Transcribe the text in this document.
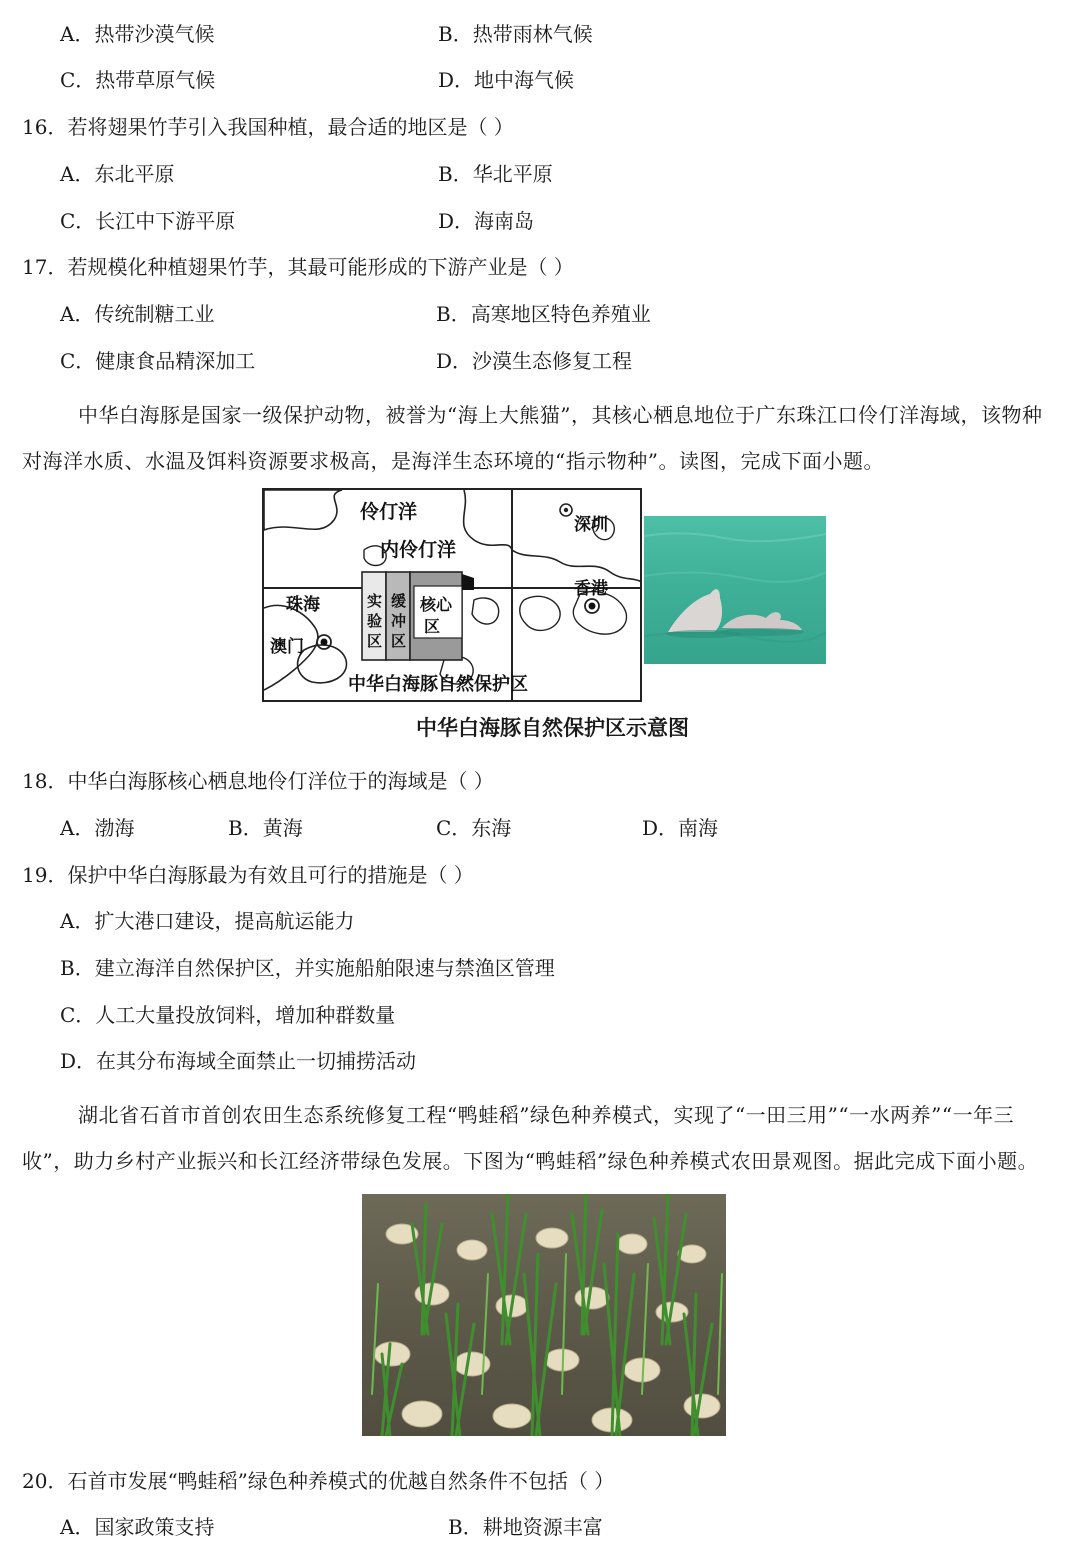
A．热带沙漠气候	B．热带雨林气候
C．热带草原气候	D．地中海气候
16．若将翅果竹芋引入我国种植，最合适的地区是（ ）
A．东北平原	B．华北平原
C．长江中下游平原	D．海南岛
17．若规模化种植翅果竹芋，其最可能形成的下游产业是（ ）
A．传统制糖工业	B．高寒地区特色养殖业
C．健康食品精深加工	D．沙漠生态修复工程
中华白海豚是国家一级保护动物，被誉为“海上大熊猫”，其核心栖息地位于广东珠江口伶仃洋海域，该物种对海洋水质、水温及饵料资源要求极高，是海洋生态环境的“指示物种”。读图，完成下面小题。
伶仃洋
内伶仃洋
深圳
香港
珠海
澳门
实
验
区
缓
冲
区
核心
区
中华白海豚自然保护区
中华白海豚自然保护区示意图
18．中华白海豚核心栖息地伶仃洋位于的海域是（ ）
A．渤海	B．黄海	C．东海	D．南海
19．保护中华白海豚最为有效且可行的措施是（ ）
A．扩大港口建设，提高航运能力
B．建立海洋自然保护区，并实施船舶限速与禁渔区管理
C．人工大量投放饲料，增加种群数量
D．在其分布海域全面禁止一切捕捞活动
湖北省石首市首创农田生态系统修复工程“鸭蛙稻”绿色种养模式，实现了“一田三用”“一水两养”“一年三收”，助力乡村产业振兴和长江经济带绿色发展。下图为“鸭蛙稻”绿色种养模式农田景观图。据此完成下面小题。
20．石首市发展“鸭蛙稻”绿色种养模式的优越自然条件不包括（ ）
A．国家政策支持	B．耕地资源丰富
